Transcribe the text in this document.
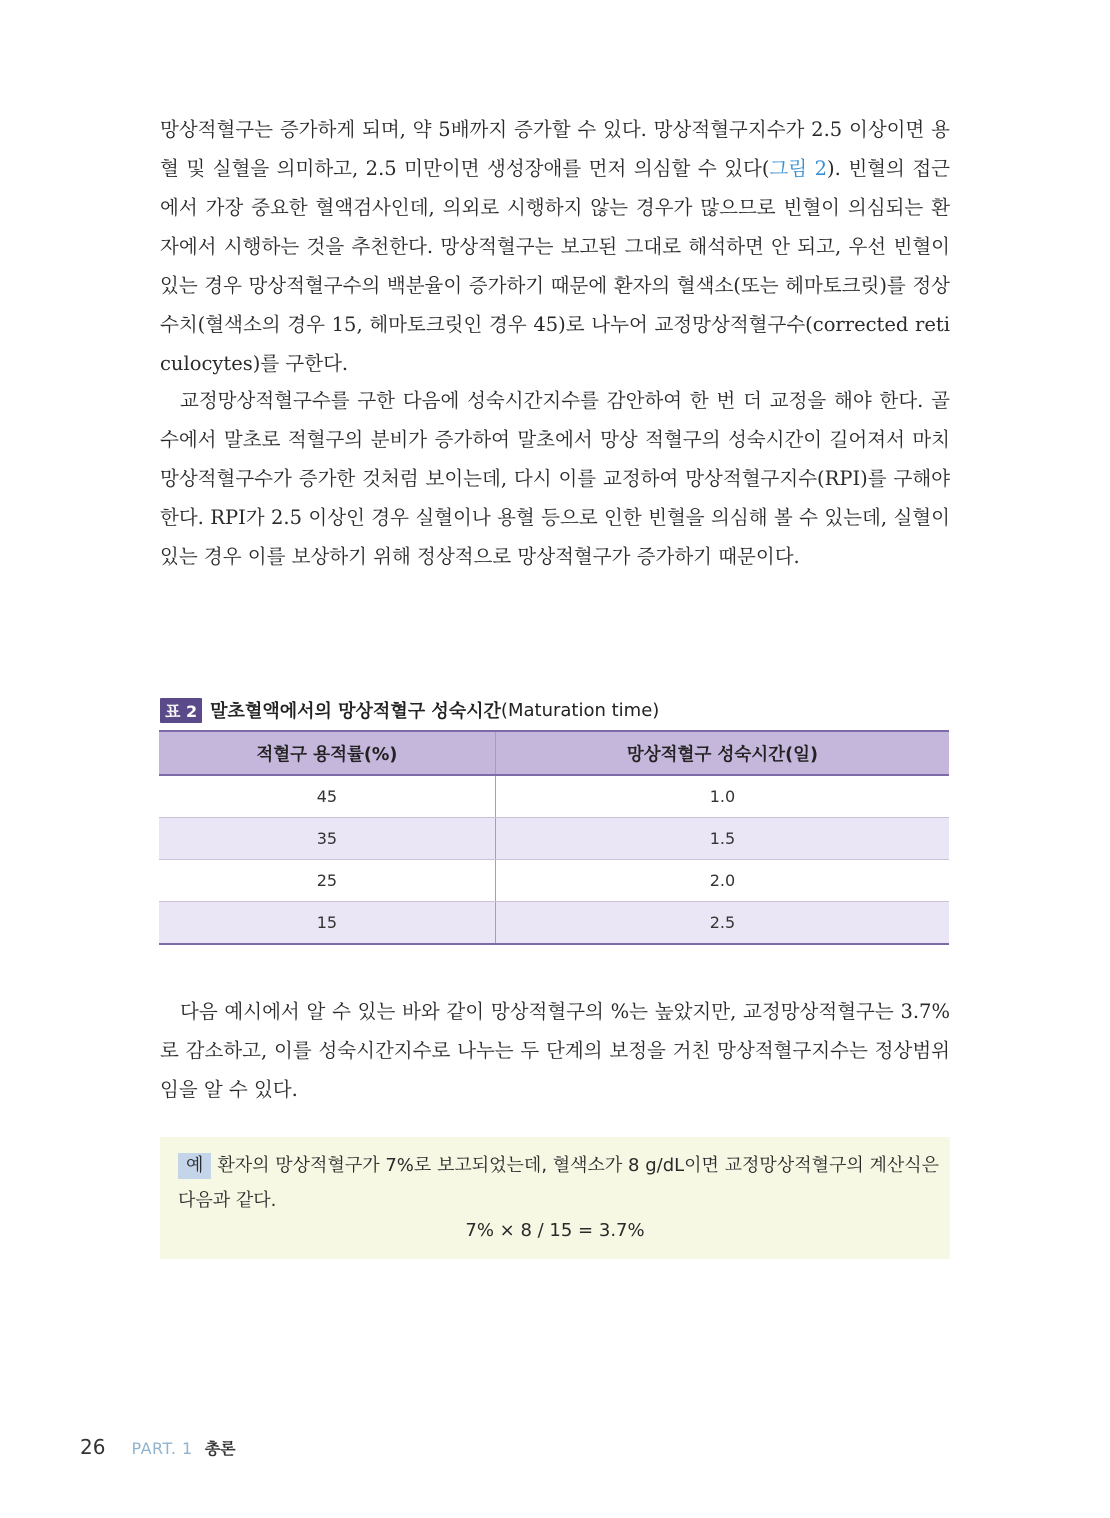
망상적혈구는 증가하게 되며, 약 5배까지 증가할 수 있다. 망상적혈구지수가 2.5 이상이면 용혈 및 실혈을 의미하고, 2.5 미만이면 생성장애를 먼저 의심할 수 있다(그림 2). 빈혈의 접근에서 가장 중요한 혈액검사인데, 의외로 시행하지 않는 경우가 많으므로 빈혈이 의심되는 환자에서 시행하는 것을 추천한다. 망상적혈구는 보고된 그대로 해석하면 안 되고, 우선 빈혈이 있는 경우 망상적혈구수의 백분율이 증가하기 때문에 환자의 혈색소(또는 헤마토크릿)를 정상수치(혈색소의 경우 15, 헤마토크릿인 경우 45)로 나누어 교정망상적혈구수(corrected reticulocytes)를 구한다.

교정망상적혈구수를 구한 다음에 성숙시간지수를 감안하여 한 번 더 교정을 해야 한다. 골수에서 말초로 적혈구의 분비가 증가하여 말초에서 망상 적혈구의 성숙시간이 길어져서 마치 망상적혈구수가 증가한 것처럼 보이는데, 다시 이를 교정하여 망상적혈구지수(RPI)를 구해야 한다. RPI가 2.5 이상인 경우 실혈이나 용혈 등으로 인한 빈혈을 의심해 볼 수 있는데, 실혈이 있는 경우 이를 보상하기 위해 정상적으로 망상적혈구가 증가하기 때문이다.

표 2 말초혈액에서의 망상적혈구 성숙시간 (Maturation time)
적혈구 용적률(%)	망상적혈구 성숙시간(일)
45	1.0
35	1.5
25	2.0
15	2.5

다음 예시에서 알 수 있는 바와 같이 망상적혈구의 %는 높았지만, 교정망상적혈구는 3.7%로 감소하고, 이를 성숙시간지수로 나누는 두 단계의 보정을 거친 망상적혈구지수는 정상범위임을 알 수 있다.

예 환자의 망상적혈구가 7%로 보고되었는데, 혈색소가 8 g/dL이면 교정망상적혈구의 계산식은
다음과 같다.
7% × 8 / 15 = 3.7%
26 PART. 1 총론
